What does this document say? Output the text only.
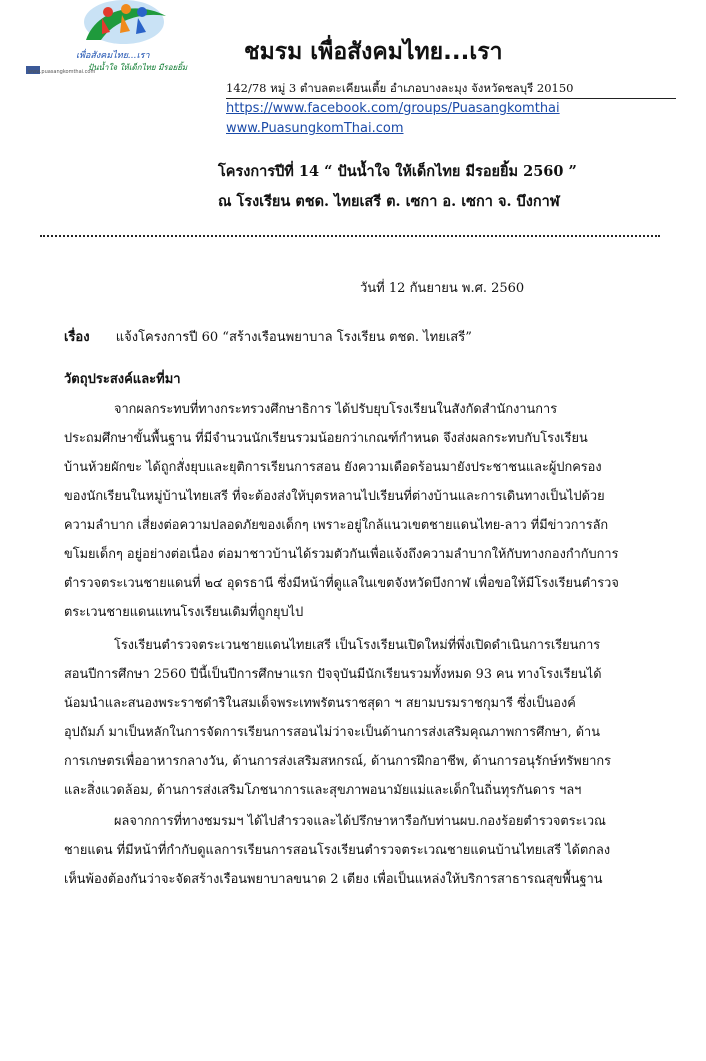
เพื่อสังคมไทย...เรา
ปันน้ำใจ ให้เด็กไทย มีรอยยิ้ม
www.puasangkomthai.com
ชมรม เพื่อสังคมไทย...เรา
142/78 หมู่ 3 ตำบลตะเคียนเตี้ย อำเภอบางละมุง จังหวัดชลบุรี 20150
https://www.facebook.com/groups/Puasangkomthai
www.PuasungkomThai.com
โครงการปีที่ 14 “ ปันน้ำใจ ให้เด็กไทย มีรอยยิ้ม 2560 ”
ณ โรงเรียน ตชด. ไทยเสรี ต. เซกา อ. เซกา จ. บึงกาฬ
วันที่ 12 กันยายน พ.ศ. 2560
เรื่อง แจ้งโครงการปี 60 “สร้างเรือนพยาบาล โรงเรียน ตชด. ไทยเสรี”
วัตถุประสงค์และที่มา
จากผลกระทบที่ทางกระทรวงศึกษาธิการ ได้ปรับยุบโรงเรียนในสังกัดสำนักงานการ
ประถมศึกษาขั้นพื้นฐาน ที่มีจำนวนนักเรียนรวมน้อยกว่าเกณฑ์กำหนด จึงส่งผลกระทบกับโรงเรียน
บ้านห้วยผักขะ ได้ถูกสั่งยุบและยุติการเรียนการสอน ยังความเดือดร้อนมายังประชาชนและผู้ปกครอง
ของนักเรียนในหมู่บ้านไทยเสรี ที่จะต้องส่งให้บุตรหลานไปเรียนที่ต่างบ้านและการเดินทางเป็นไปด้วย
ความลำบาก เสี่ยงต่อความปลอดภัยของเด็กๆ เพราะอยู่ใกล้แนวเขตชายแดนไทย-ลาว ที่มีข่าวการลัก
ขโมยเด็กๆ อยู่อย่างต่อเนื่อง ต่อมาชาวบ้านได้รวมตัวกันเพื่อแจ้งถึงความลำบากให้กับทางกองกำกับการ
ตำรวจตระเวนชายแดนที่ ๒๔ อุดรธานี ซึ่งมีหน้าที่ดูแลในเขตจังหวัดบึงกาฬ เพื่อขอให้มีโรงเรียนตำรวจ
ตระเวนชายแดนแทนโรงเรียนเดิมที่ถูกยุบไป
โรงเรียนตำรวจตระเวนชายแดนไทยเสรี เป็นโรงเรียนเปิดใหม่ที่พึ่งเปิดดำเนินการเรียนการ
สอนปีการศึกษา 2560 ปีนี้เป็นปีการศึกษาแรก ปัจจุบันมีนักเรียนรวมทั้งหมด 93 คน ทางโรงเรียนได้
น้อมนำและสนองพระราชดำริในสมเด็จพระเทพรัตนราชสุดา ฯ สยามบรมราชกุมารี ซึ่งเป็นองค์
อุปถัมภ์ มาเป็นหลักในการจัดการเรียนการสอนไม่ว่าจะเป็นด้านการส่งเสริมคุณภาพการศึกษา, ด้าน
การเกษตรเพื่ออาหารกลางวัน, ด้านการส่งเสริมสหกรณ์, ด้านการฝึกอาชีพ, ด้านการอนุรักษ์ทรัพยากร
และสิ่งแวดล้อม, ด้านการส่งเสริมโภชนาการและสุขภาพอนามัยแม่และเด็กในถิ่นทุรกันดาร ฯลฯ
ผลจากการที่ทางชมรมฯ ได้ไปสำรวจและได้ปรึกษาหารือกับท่านผบ.กองร้อยตำรวจตระเวณ
ชายแดน ที่มีหน้าที่กำกับดูแลการเรียนการสอนโรงเรียนตำรวจตระเวณชายแดนบ้านไทยเสรี ได้ตกลง
เห็นพ้องต้องกันว่าจะจัดสร้างเรือนพยาบาลขนาด 2 เตียง เพื่อเป็นแหล่งให้บริการสาธารณสุขพื้นฐาน
